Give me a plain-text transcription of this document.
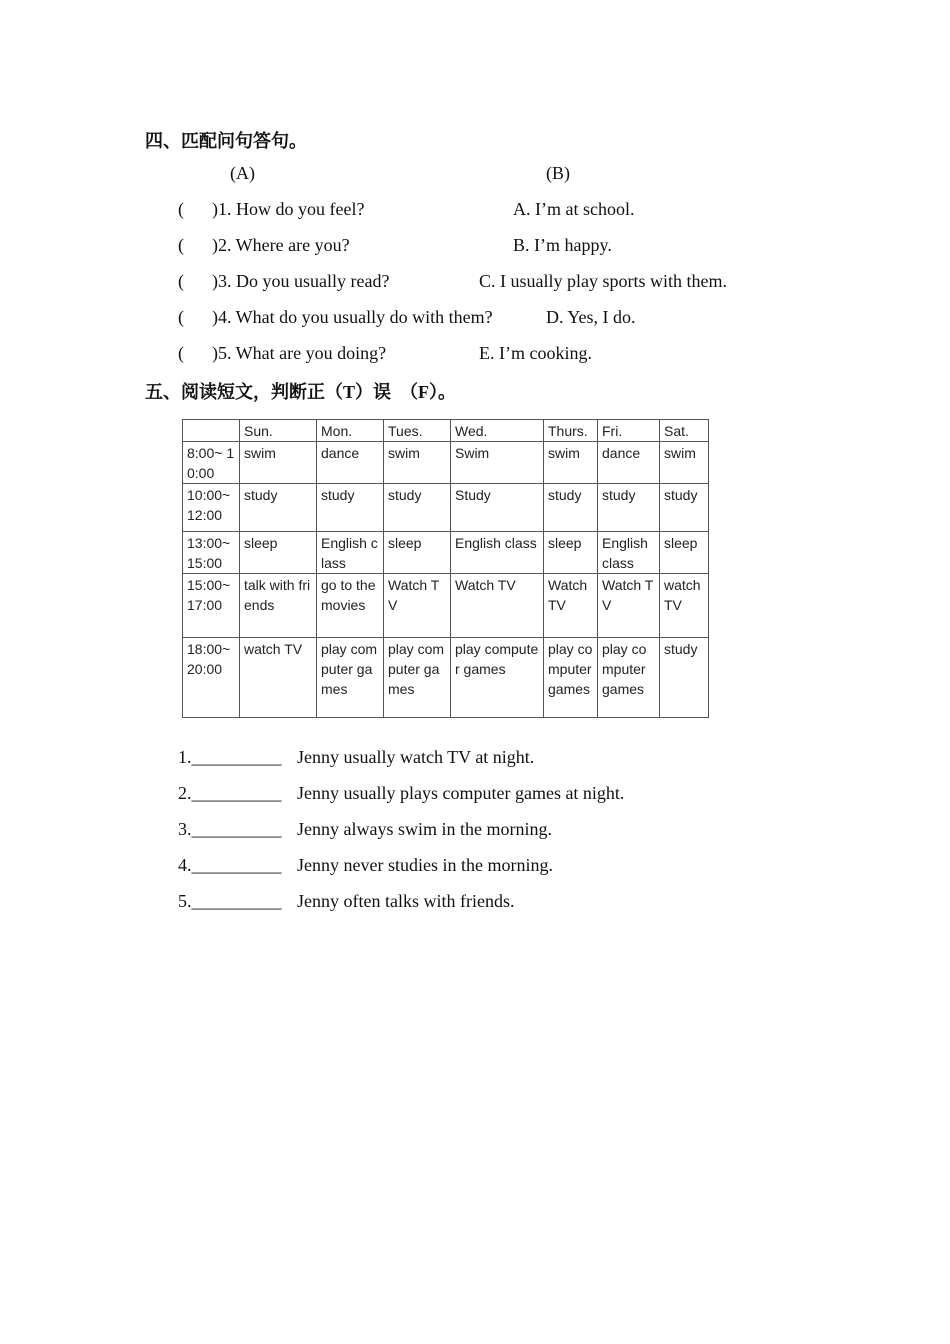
四、匹配问句答句。
(A)	(B)
( )1. How do you feel?	A. I’m at school.
( )2. Where are you?	B. I’m happy.
( )3. Do you usually read?	C. I usually play sports with them.
( )4. What do you usually do with them?	D. Yes, I do.
( )5. What are you doing?	E. I’m cooking.
五、阅读短文，判断正（T）误　（F）。
	Sun.	Mon.	Tues.	Wed.	Thurs.	Fri.	Sat.
8:00~ 10:00	swim	dance	swim	Swim	swim	dance	swim
10:00~ 12:00	study	study	study	Study	study	study	study
13:00~ 15:00	sleep	English class	sleep	English class	sleep	English class	sleep
15:00~ 17:00	talk with friends	go to the movies	Watch TV	Watch TV	Watch TV	Watch TV	watch TV
18:00~ 20:00	watch TV	play computer games	play computer games	play computer games	play computer games	play computer games	study
1.__________ Jenny usually watch TV at night.
2.__________ Jenny usually plays computer games at night.
3.__________ Jenny always swim in the morning.
4.__________ Jenny never studies in the morning.
5.__________ Jenny often talks with friends.
